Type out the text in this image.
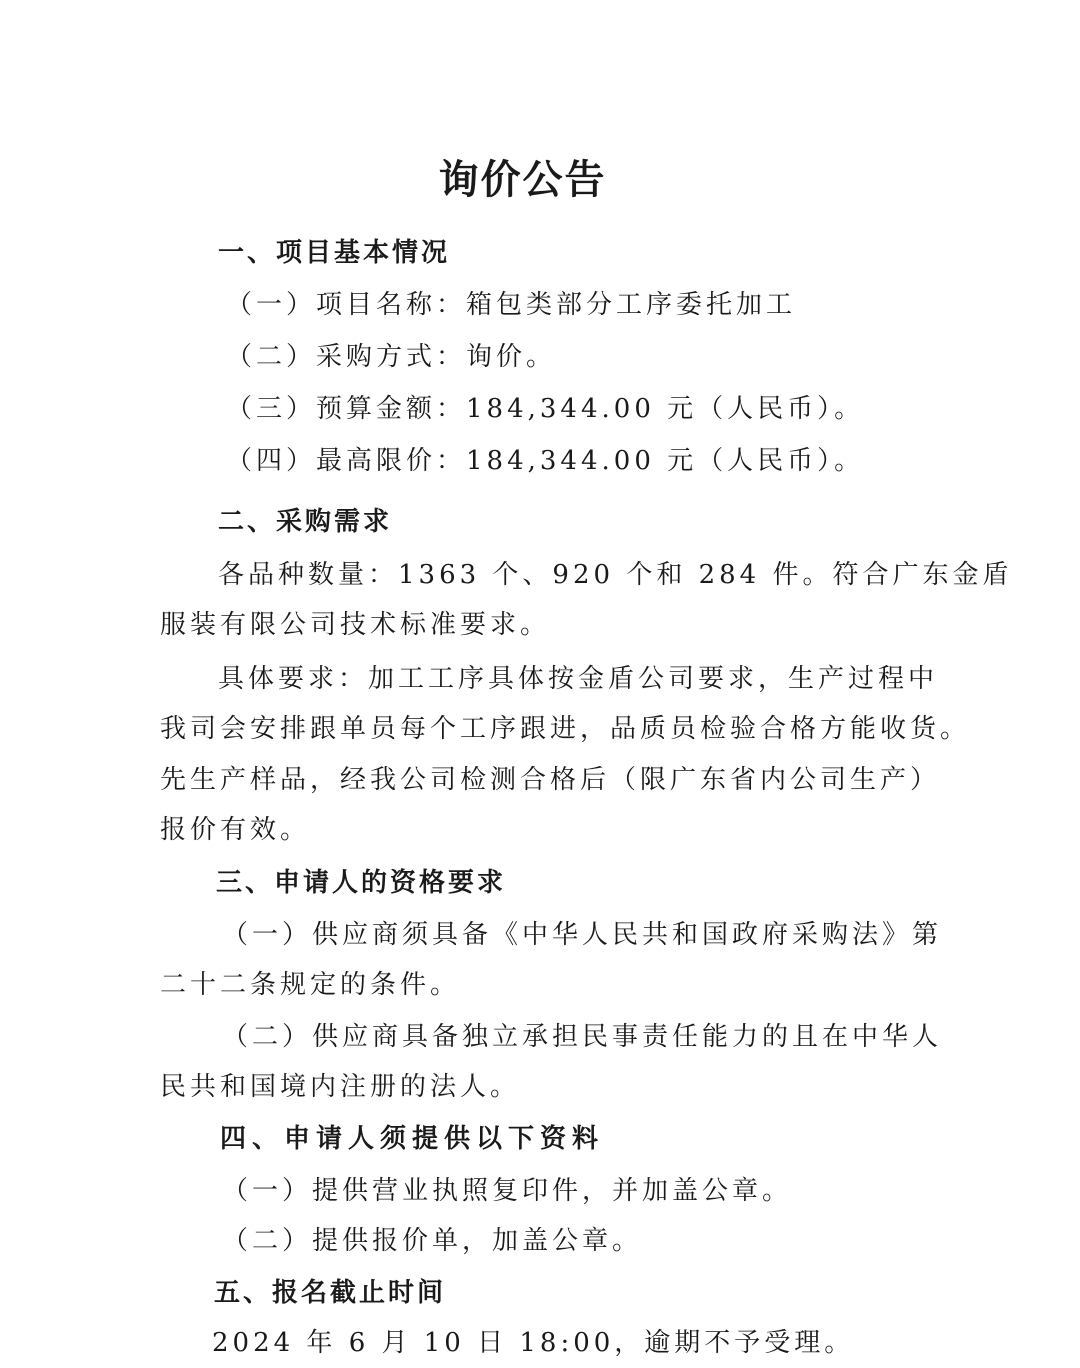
询价公告
一、项目基本情况
（一）项目名称：箱包类部分工序委托加工
（二）采购方式：询价。
（三）预算金额：184,344.00 元（人民币）。
（四）最高限价：184,344.00 元（人民币）。
二、采购需求
各品种数量：1363 个、920 个和 284 件。符合广东金盾
服装有限公司技术标准要求。
具体要求：加工工序具体按金盾公司要求，生产过程中
我司会安排跟单员每个工序跟进，品质员检验合格方能收货。
先生产样品，经我公司检测合格后（限广东省内公司生产）
报价有效。
三、申请人的资格要求
（一）供应商须具备《中华人民共和国政府采购法》第
二十二条规定的条件。
（二）供应商具备独立承担民事责任能力的且在中华人
民共和国境内注册的法人。
四、申请人须提供以下资料
（一）提供营业执照复印件，并加盖公章。
（二）提供报价单，加盖公章。
五、报名截止时间
2024 年 6 月 10 日 18:00，逾期不予受理。
